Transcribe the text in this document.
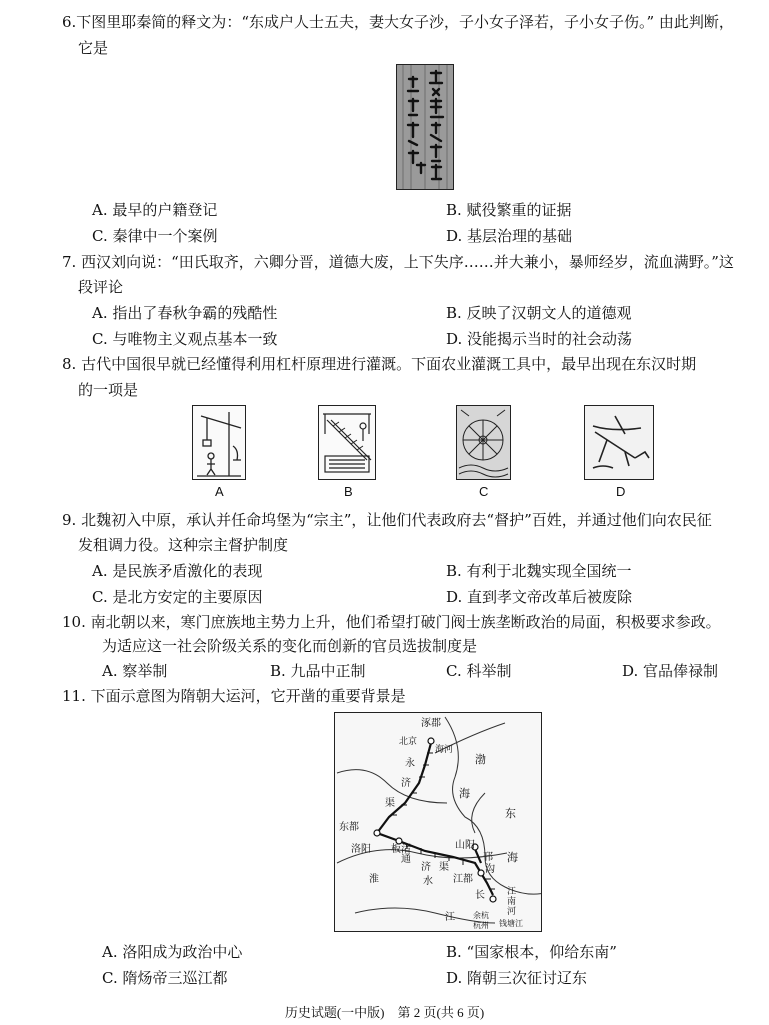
6.下图里耶秦简的释文为：“东成户人士五夫，妻大女子沙，子小女子泽若，子小女子伤。” 由此判断，
它是
A. 最早的户籍登记	B. 赋役繁重的证据
C. 秦律中一个案例	D. 基层治理的基础
7. 西汉刘向说：“田氏取齐，六卿分晋，道德大废，上下失序……并大兼小，暴师经岁，流血满野。”这
段评论
A. 指出了春秋争霸的残酷性	B. 反映了汉朝文人的道德观
C. 与唯物主义观点基本一致	D. 没能揭示当时的社会动荡
8. 古代中国很早就已经懂得利用杠杆原理进行灌溉。下面农业灌溉工具中，最早出现在东汉时期
的一项是
A	B	C	D
9. 北魏初入中原，承认并任命坞堡为“宗主”，让他们代表政府去“督护”百姓，并通过他们向农民征
发租调力役。这种宗主督护制度
A. 是民族矛盾激化的表现	B. 有利于北魏实现全国统一
C. 是北方安定的主要原因	D. 直到孝文帝改革后被废除
10. 南北朝以来，寒门庶族地主势力上升，他们希望打破门阀士族垄断政治的局面，积极要求参政。
为适应这一社会阶级关系的变化而创新的官员选拔制度是
A. 察举制	B. 九品中正制	C. 科举制	D. 官品俸禄制
11. 下面示意图为隋朝大运河，它开凿的重要背景是
涿郡
北京
海河
渤
海
永
济
渠
东
东都
洛阳 板渚
通
济 渠
山阳
邗
沟
海
淮	水 江都
长
江
江
南
河
余杭
杭州 钱塘江
A. 洛阳成为政治中心	B. “国家根本，仰给东南”
C. 隋炀帝三巡江都	D. 隋朝三次征讨辽东
历史试题(一中版)　第 2 页(共 6 页)
